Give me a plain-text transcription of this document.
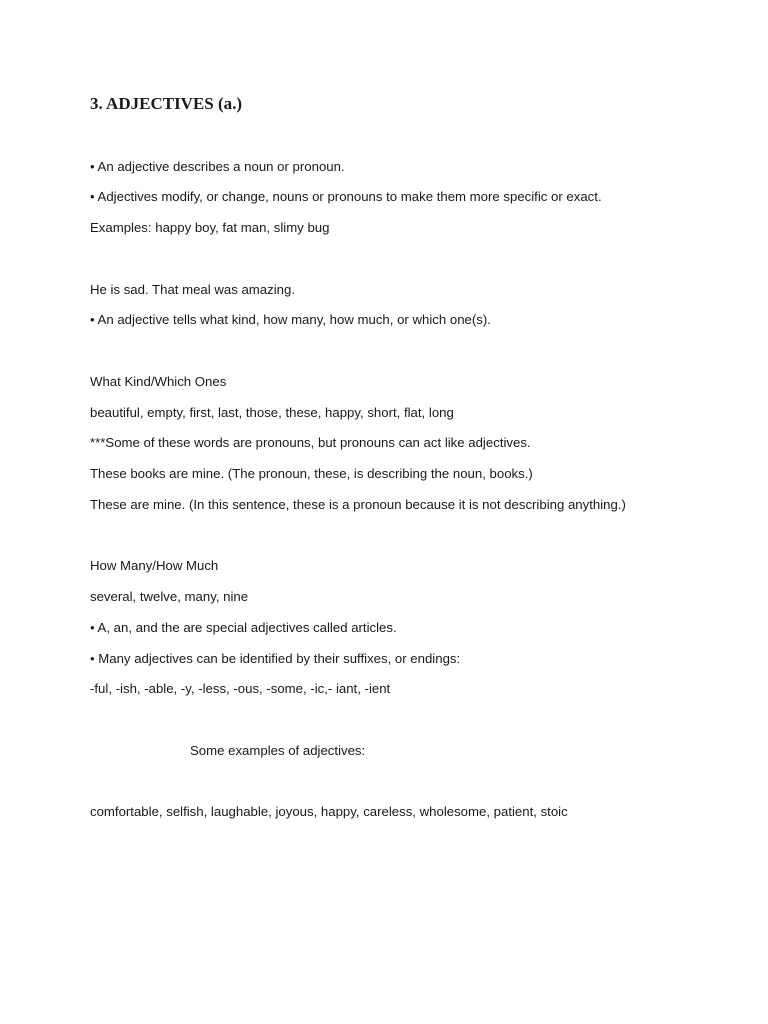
3. ADJECTIVES (a.)

• An adjective describes a noun or pronoun.

• Adjectives modify, or change, nouns or pronouns to make them more specific or exact.

Examples: happy boy, fat man, slimy bug

He is sad. That meal was amazing.

• An adjective tells what kind, how many, how much, or which one(s).

What Kind/Which Ones

beautiful, empty, first, last, those, these, happy, short, flat, long

***Some of these words are pronouns, but pronouns can act like adjectives.

These books are mine. (The pronoun, these, is describing the noun, books.)

These are mine. (In this sentence, these is a pronoun because it is not describing anything.)

How Many/How Much

several, twelve, many, nine

• A, an, and the are special adjectives called articles.

• Many adjectives can be identified by their suffixes, or endings:

-ful, -ish, -able, -y, -less, -ous, -some, -ic,- iant, -ient

Some examples of adjectives:

comfortable, selfish, laughable, joyous, happy, careless, wholesome, patient, stoic
